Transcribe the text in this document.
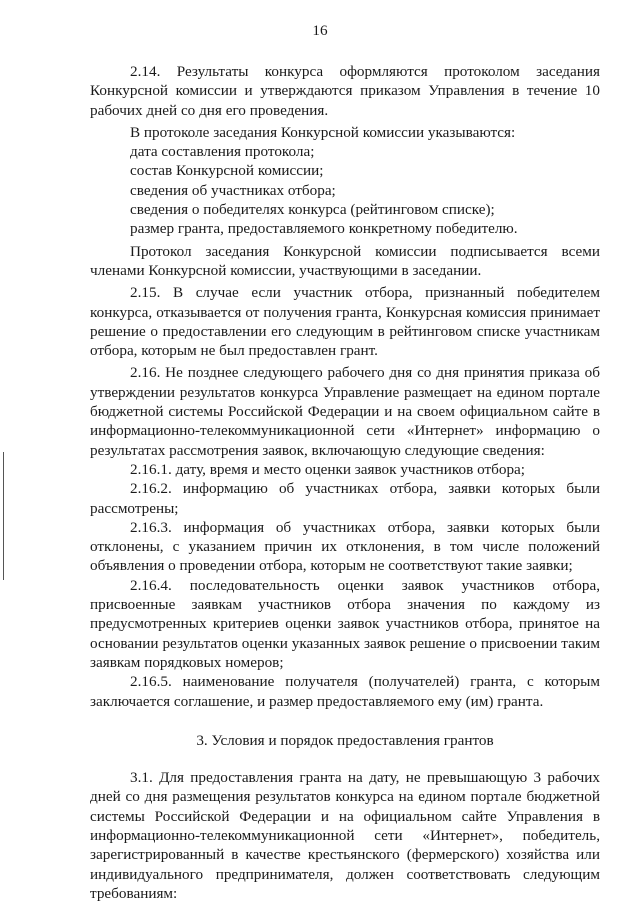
16

2.14. Результаты конкурса оформляются протоколом заседания Конкурсной комиссии и утверждаются приказом Управления в течение 10 рабочих дней со дня его проведения.

В протоколе заседания Конкурсной комиссии указываются:

дата составления протокола;

состав Конкурсной комиссии;

сведения об участниках отбора;

сведения о победителях конкурса (рейтинговом списке);

размер гранта, предоставляемого конкретному победителю.

Протокол заседания Конкурсной комиссии подписывается всеми членами Конкурсной комиссии, участвующими в заседании.

2.15. В случае если участник отбора, признанный победителем конкурса, отказывается от получения гранта, Конкурсная комиссия принимает решение о предоставлении его следующим в рейтинговом списке участникам отбора, которым не был предоставлен грант.

2.16. Не позднее следующего рабочего дня со дня принятия приказа об утверждении результатов конкурса Управление размещает на едином портале бюджетной системы Российской Федерации и на своем официальном сайте в информационно-телекоммуникационной сети «Интернет» информацию о результатах рассмотрения заявок, включающую следующие сведения:

2.16.1. дату, время и место оценки заявок участников отбора;

2.16.2. информацию об участниках отбора, заявки которых были рассмотрены;

2.16.3. информация об участниках отбора, заявки которых были отклонены, с указанием причин их отклонения, в том числе положений объявления о проведении отбора, которым не соответствуют такие заявки;

2.16.4. последовательность оценки заявок участников отбора, присвоенные заявкам участников отбора значения по каждому из предусмотренных критериев оценки заявок участников отбора, принятое на основании результатов оценки указанных заявок решение о присвоении таким заявкам порядковых номеров;

2.16.5. наименование получателя (получателей) гранта, с которым заключается соглашение, и размер предоставляемого ему (им) гранта.

3. Условия и порядок предоставления грантов

3.1. Для предоставления гранта на дату, не превышающую 3 рабочих дней со дня размещения результатов конкурса на едином портале бюджетной системы Российской Федерации и на официальном сайте Управления в информационно-телекоммуникационной сети «Интернет», победитель, зарегистрированный в качестве крестьянского (фермерского) хозяйства или индивидуального предпринимателя, должен соответствовать следующим требованиям:
